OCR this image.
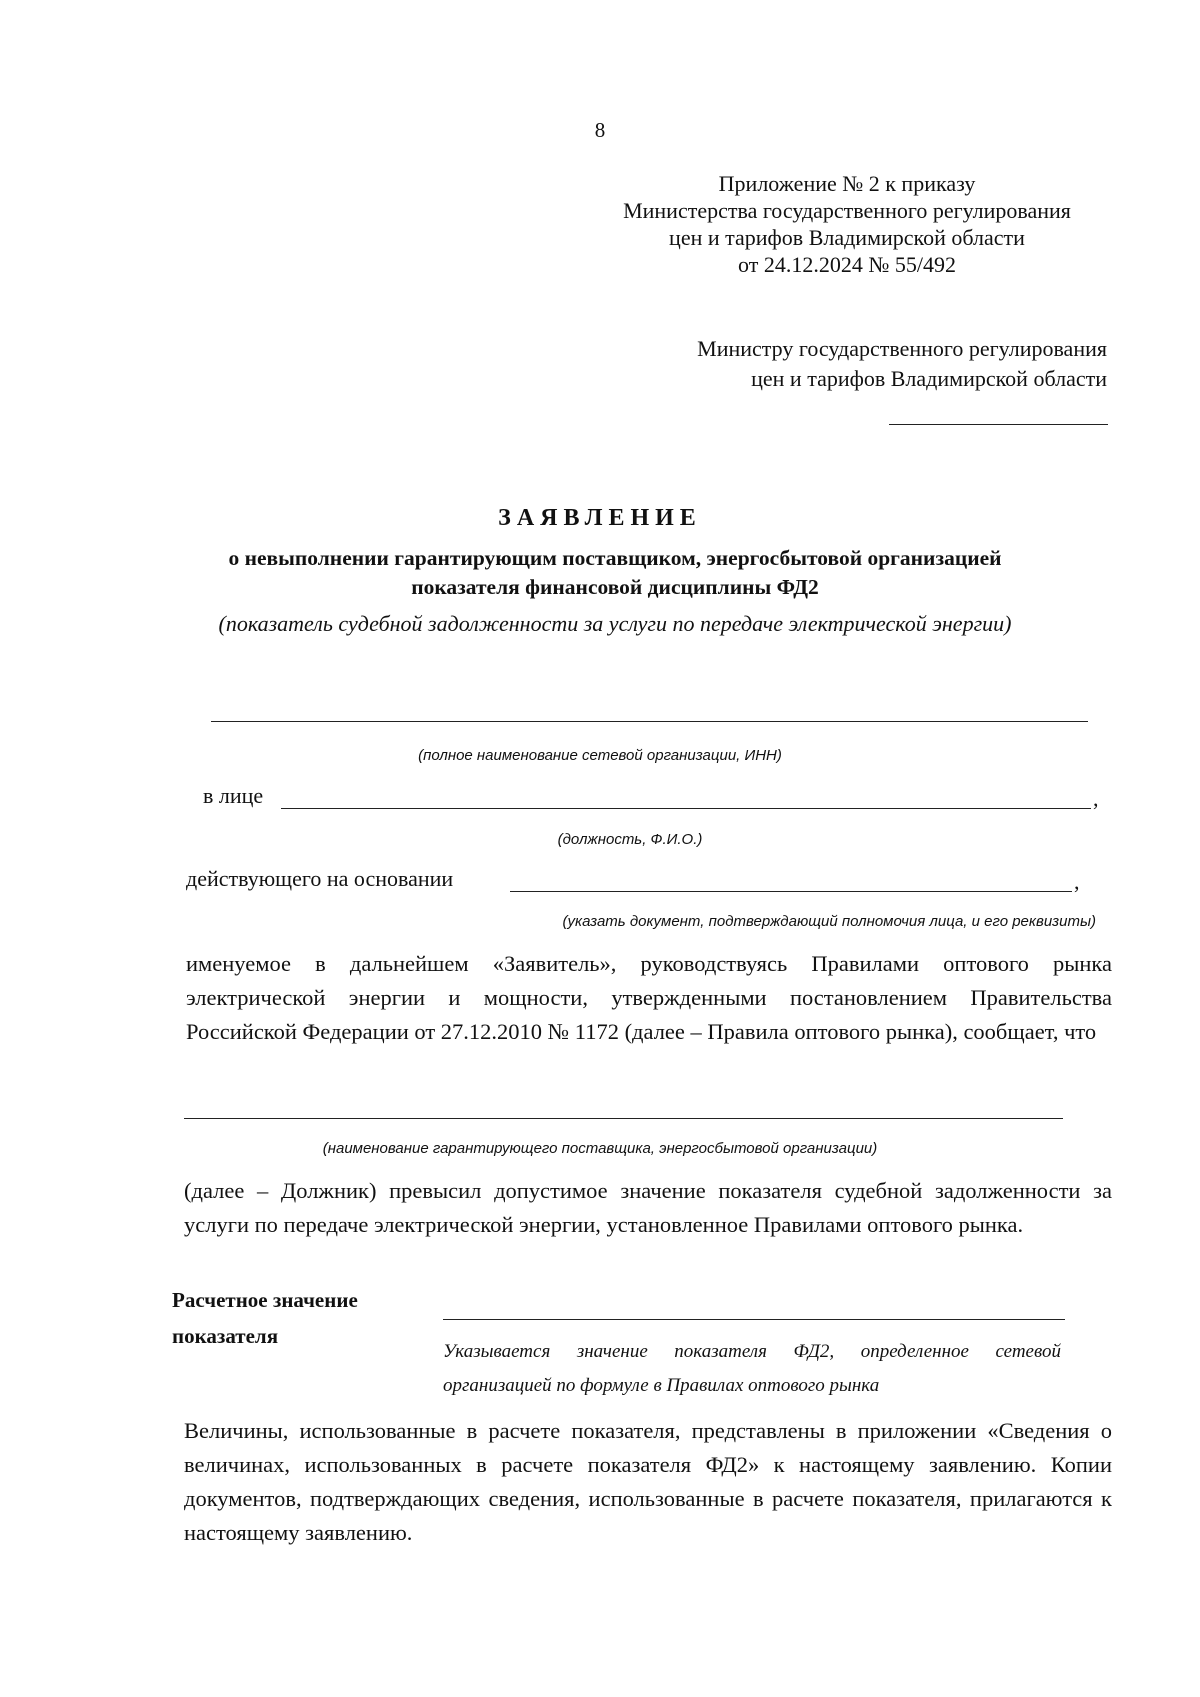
8
Приложение № 2 к приказу
Министерства государственного регулирования
цен и тарифов Владимирской области
от 24.12.2024 № 55/492
Министру государственного регулирования
цен и тарифов Владимирской области
ЗАЯВЛЕНИЕ
о невыполнении гарантирующим поставщиком, энергосбытовой организацией
показателя финансовой дисциплины ФД2
(показатель судебной задолженности за услуги по передаче электрической энергии)
(полное наименование сетевой организации, ИНН)
в лице	,
(должность, Ф.И.О.)
действующего на основании	,
(указать документ, подтверждающий полномочия лица, и его реквизиты)
именуемое в дальнейшем «Заявитель», руководствуясь Правилами оптового рынка электрической энергии и мощности, утвержденными постановлением Правительства Российской Федерации от 27.12.2010 № 1172 (далее – Правила оптового рынка), сообщает, что
(наименование гарантирующего поставщика, энергосбытовой организации)
(далее – Должник) превысил допустимое значение показателя судебной задолженности за услуги по передаче электрической энергии, установленное Правилами оптового рынка.
Расчетное значение
показателя
Указывается значение показателя ФД2, определенное сетевой организацией по формуле в Правилах оптового рынка
Величины, использованные в расчете показателя, представлены в приложении «Сведения о величинах, использованных в расчете показателя ФД2» к настоящему заявлению. Копии документов, подтверждающих сведения, использованные в расчете показателя, прилагаются к настоящему заявлению.
